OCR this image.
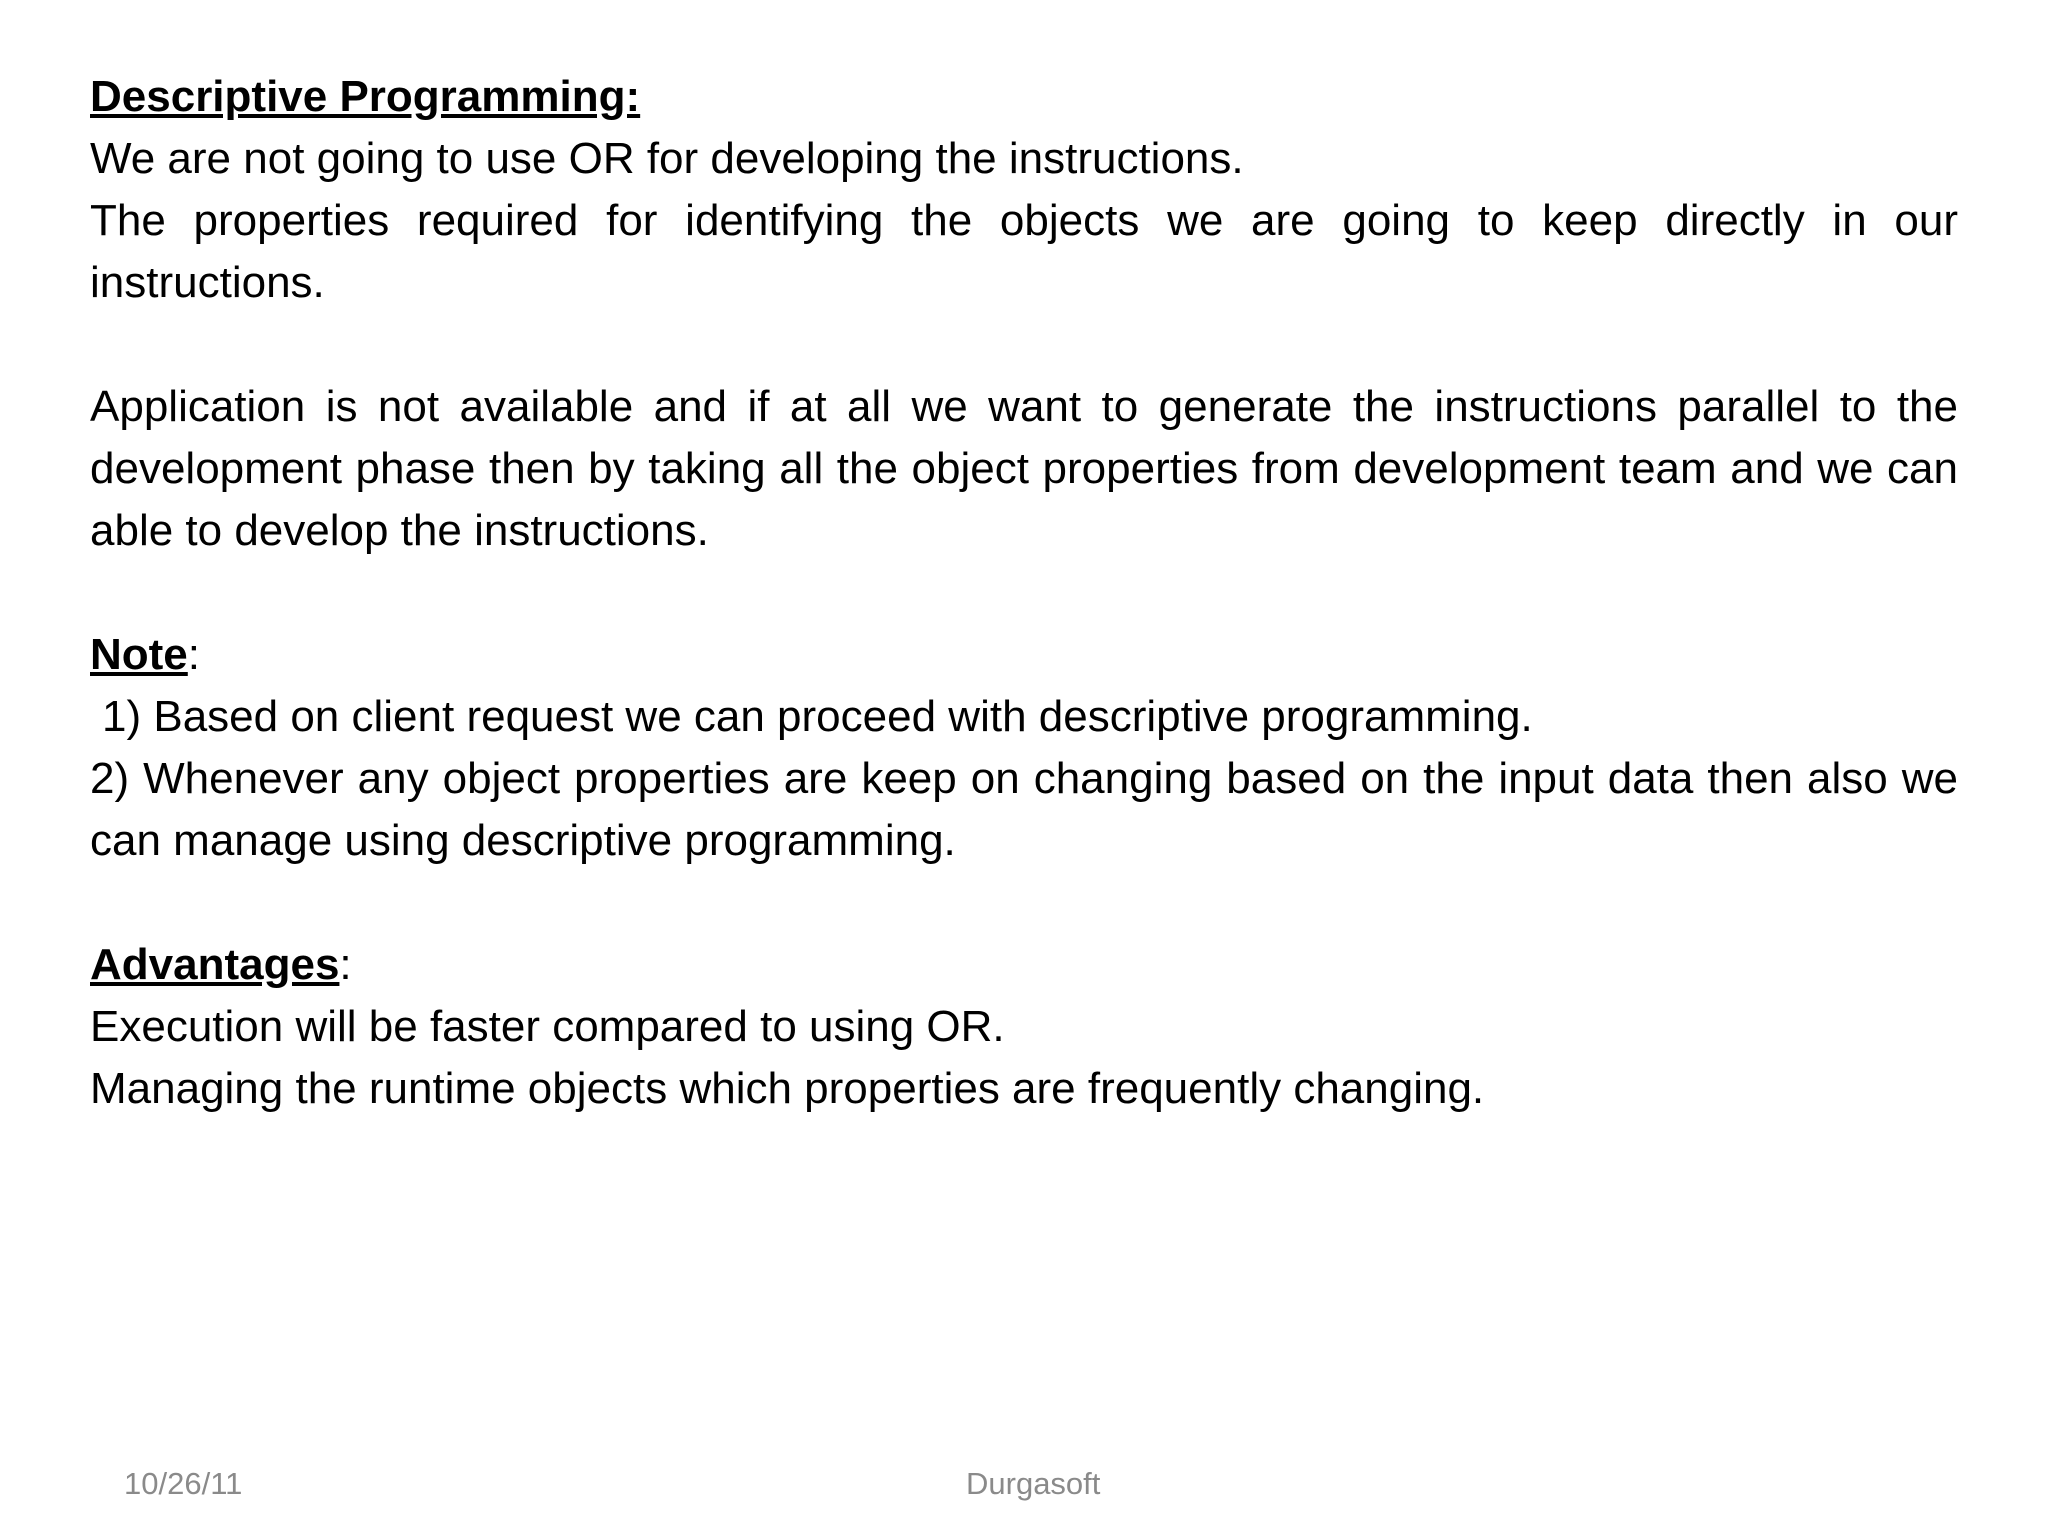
Descriptive Programming:

We are not going to use OR for developing the instructions.

The properties required for identifying the objects we are going to keep directly in our instructions.

Application is not available and if at all we want to generate the instructions parallel to the development phase then by taking all the object properties from development team and we can able to develop the instructions.

Note:

1) Based on client request we can proceed with descriptive programming.

2) Whenever any object properties are keep on changing based on the input data then also we can manage using descriptive programming.

Advantages:

Execution will be faster compared to using OR.

Managing the runtime objects which properties are frequently changing.

10/26/11	Durgasoft
